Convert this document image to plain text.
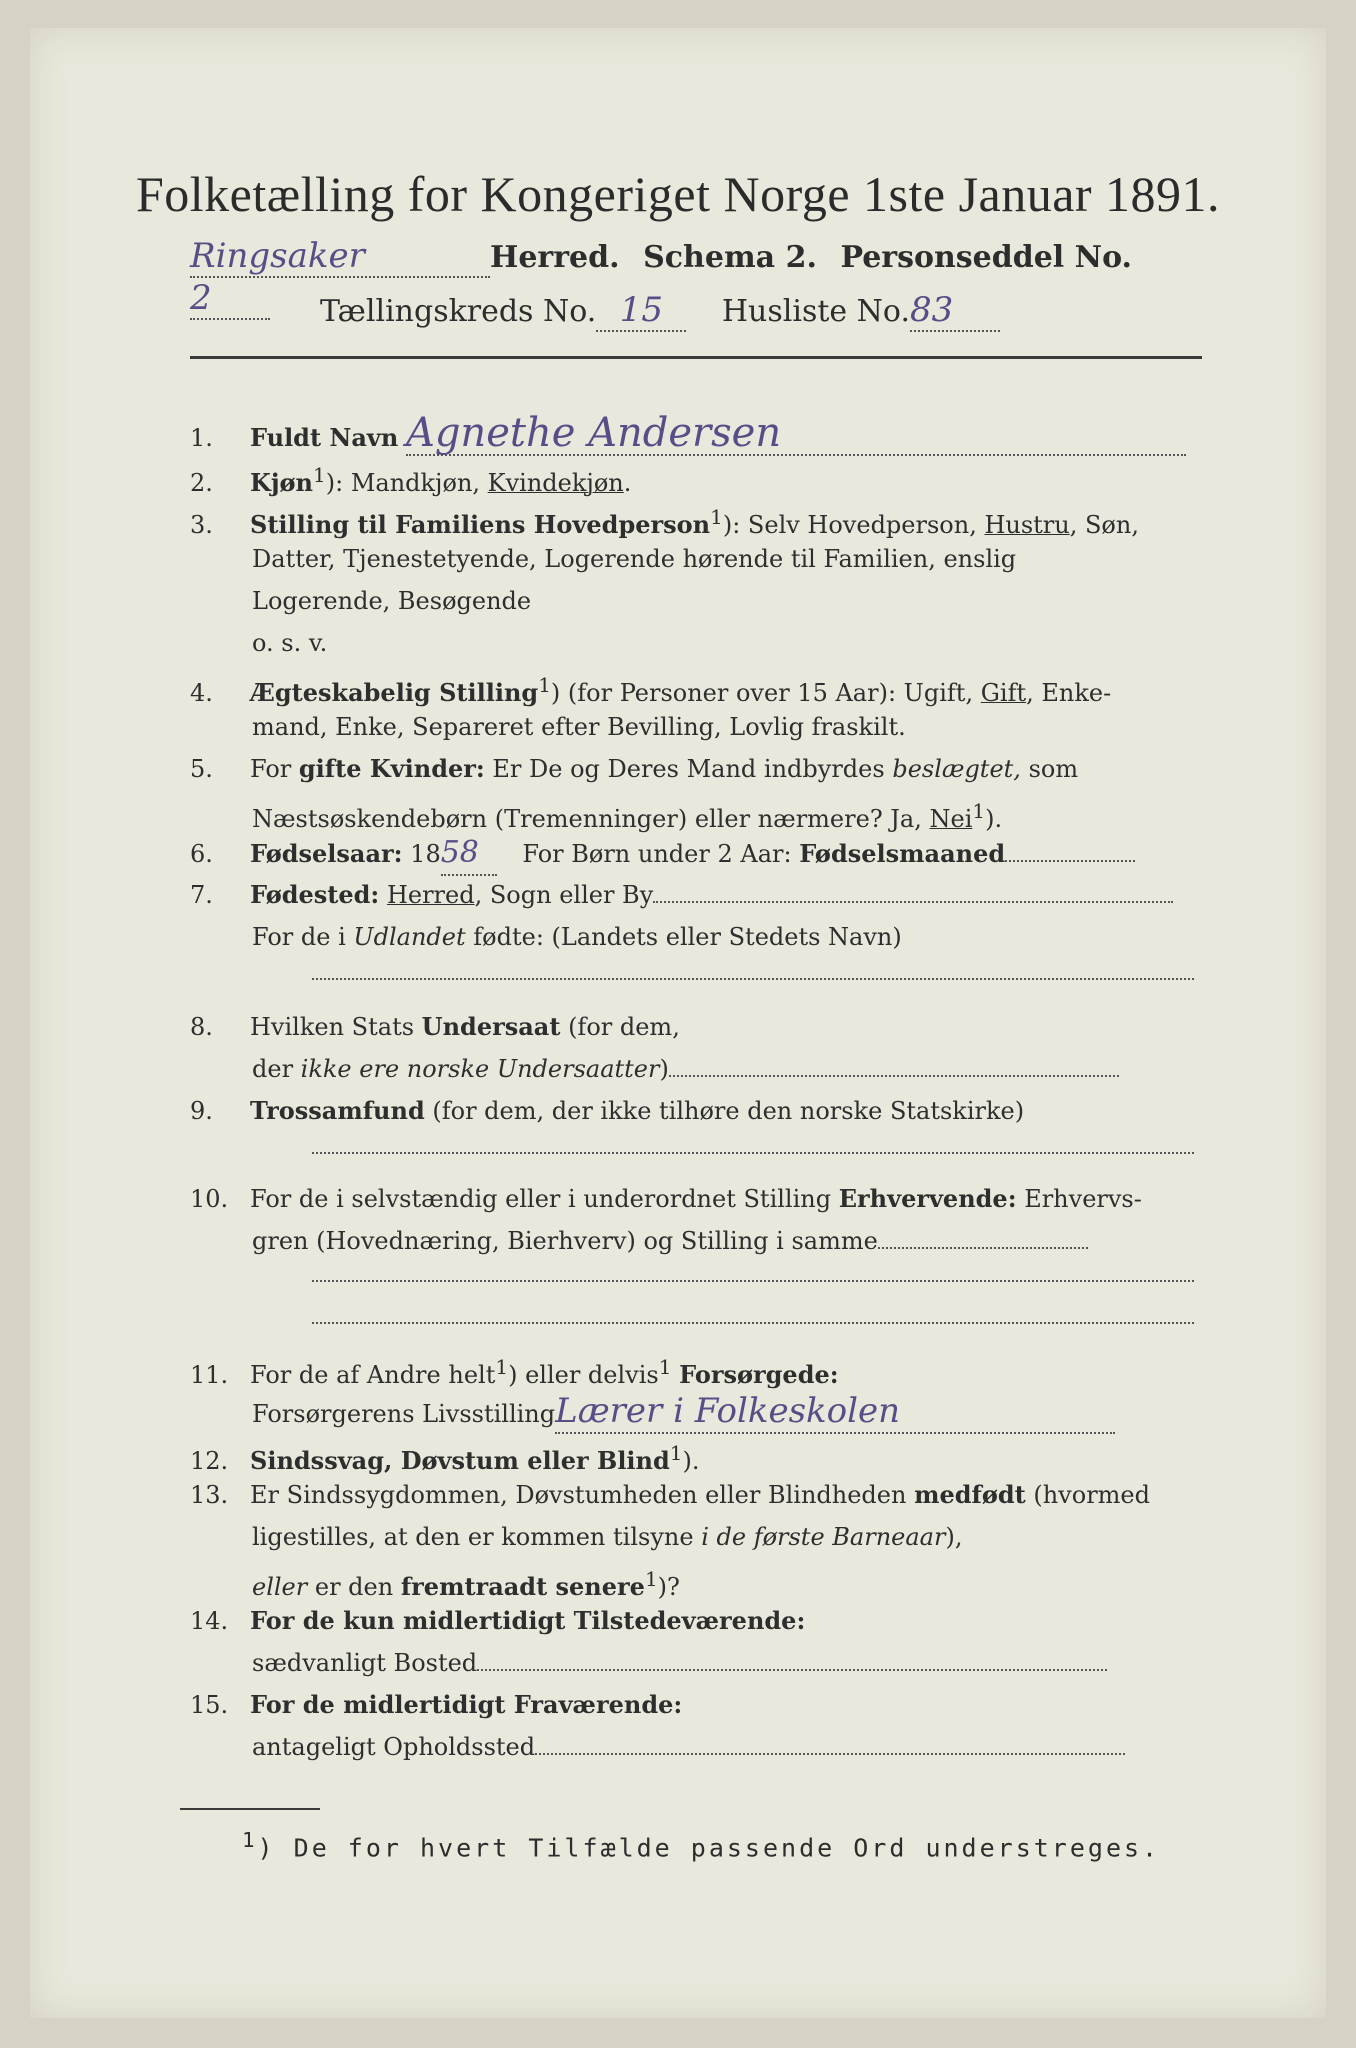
Folketælling for Kongeriget Norge 1ste Januar 1891.
Ringsaker	Herred. Schema 2. Personseddel No.2	Tællingskreds No. 15 Husliste No.83
1. Fuldt Navn Agnethe Andersen
2. Kjøn$^1$): Mandkjøn, Kvindekjøn.
3. Stilling til Familiens Hovedperson$^1$): Selv Hovedperson, Hustru, Søn,
Datter, Tjenestetyende, Logerende hørende til Familien, enslig
Logerende, Besøgende
o. s. v.
4. Ægteskabelig Stilling$^1$) (for Personer over 15 Aar): Ugift, Gift, Enke-
mand, Enke, Separeret efter Bevilling, Lovlig fraskilt.
5. For gifte Kvinder: Er De og Deres Mand indbyrdes beslægtet, som
Næstsøskendebørn (Tremenninger) eller nærmere? Ja, Nei$^1$).
6. Fødselsaar: 1858 For Børn under 2 Aar: Fødselsmaaned
7. Fødested: Herred, Sogn eller By
For de i Udlandet fødte: (Landets eller Stedets Navn)
8. Hvilken Stats Undersaat (for dem,
der ikke ere norske Undersaatter)
9. Trossamfund (for dem, der ikke tilhøre den norske Statskirke)
10. For de i selvstændig eller i underordnet Stilling Erhvervende: Erhvervs-
gren (Hovednæring, Bierhverv) og Stilling i samme
11. For de af Andre helt$^1$) eller delvis$^1$ Forsørgede:
Forsørgerens LivsstillingLærer i Folkeskolen
12. Sindssvag, Døvstum eller Blind$^1$).
13. Er Sindssygdommen, Døvstumheden eller Blindheden medfødt (hvormed
ligestilles, at den er kommen tilsyne i de første Barneaar),
eller er den fremtraadt senere$^1$)?
14. For de kun midlertidigt Tilstedeværende:
sædvanligt Bosted
15. For de midlertidigt Fraværende:
antageligt Opholdssted
$^1$) De for hvert Tilfælde passende Ord understreges.
